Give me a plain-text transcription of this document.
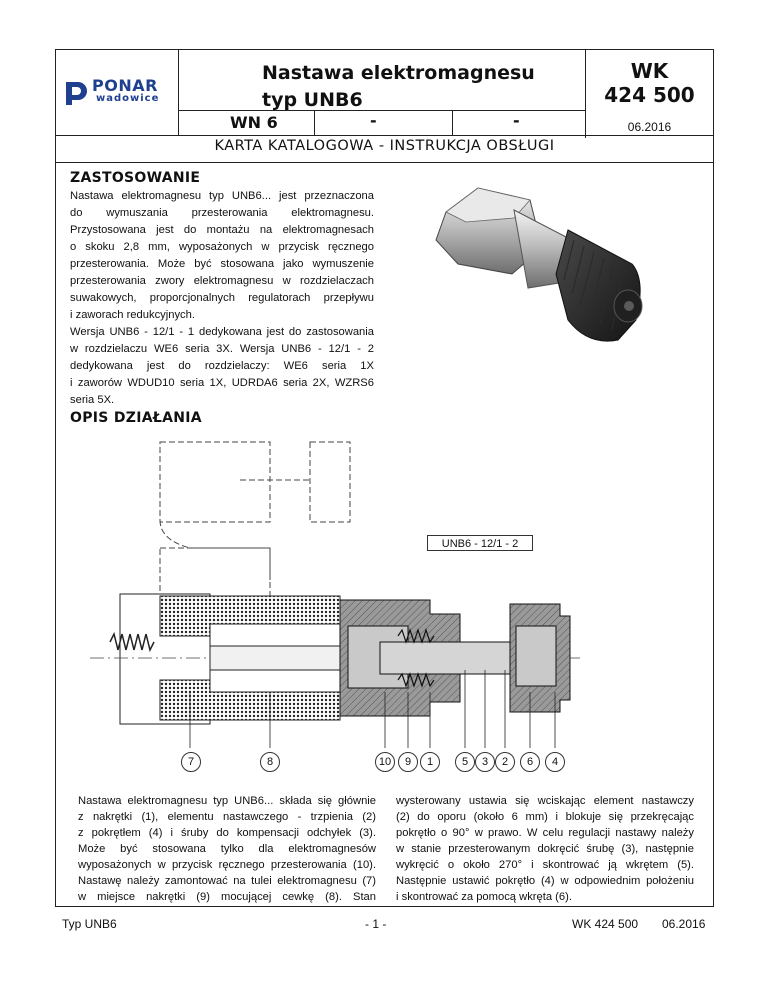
PONAR
wadowice
Nastawa elektromagnesu
typ UNB6
WK
424 500
WN 6	-	-	06.2016
KARTA KATALOGOWA - INSTRUKCJA OBSŁUGI
ZASTOSOWANIE
Nastawa elektromagnesu typ UNB6... jest przeznaczona
do wymuszania przesterowania elektromagnesu.
Przystosowana jest do montażu na elektromagnesach
o skoku 2,8 mm, wyposażonych w przycisk ręcznego
przesterowania. Może być stosowana jako wymuszenie
przesterowania zwory elektromagnesu w rozdzielaczach
suwakowych, proporcjonalnych regulatorach przepływu
i zaworach redukcyjnych.
Wersja UNB6 - 12/1 - 1 dedykowana jest do zastosowania
w rozdzielaczu WE6 seria 3X. Wersja UNB6 - 12/1 - 2
dedykowana jest do rozdzielaczy: WE6 seria 1X
i zaworów WDUD10 seria 1X, UDRDA6 seria 2X, WZRS6
seria 5X.
OPIS DZIAŁANIA
UNB6 - 12/1 - 2
7	8	10	9	1	5	3	2	6	4
Nastawa elektromagnesu typ UNB6... składa się głównie
z nakrętki (1), elementu nastawczego - trzpienia (2)
z pokrętłem (4) i śruby do kompensacji odchyłek (3).
Może być stosowana tylko dla elektromagnesów
wyposażonych w przycisk ręcznego przesterowania (10).
Nastawę należy zamontować na tulei elektromagnesu (7)
w miejsce nakrętki (9) mocującej cewkę (8). Stan
wysterowany ustawia się wciskając element nastawczy
(2) do oporu (około 6 mm) i blokuje się przekręcając
pokrętło o 90° w prawo. W celu regulacji nastawy należy
w stanie przesterowanym dokręcić śrubę (3), następnie
wykręcić o około 270° i skontrować ją wkrętem (5).
Następnie ustawić pokrętło (4) w odpowiednim położeniu
i skontrować za pomocą wkręta (6).
Typ UNB6	- 1 -	WK 424 500 06.2016
